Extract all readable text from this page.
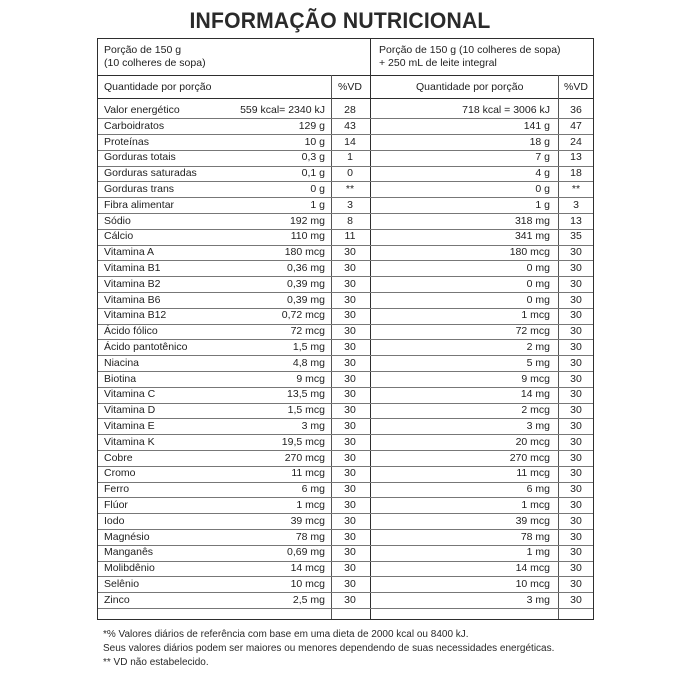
INFORMAÇÃO NUTRICIONAL
Porção de 150 g
(10 colheres de sopa)
Porção de 150 g (10 colheres de sopa)
+ 250 mL de leite integral
Quantidade por porção	%VD	Quantidade por porção	%VD
Valor energético	559 kcal= 2340 kJ	28	718 kcal = 3006 kJ	36
Carboidratos	129 g	43	141 g	47
Proteínas	10 g	14	18 g	24
Gorduras totais	0,3 g	1	7 g	13
Gorduras saturadas	0,1 g	0	4 g	18
Gorduras trans	0 g	**	0 g	**
Fibra alimentar	1 g	3	1 g	3
Sódio	192 mg	8	318 mg	13
Cálcio	110 mg	11	341 mg	35
Vitamina A	180 mcg	30	180 mcg	30
Vitamina B1	0,36 mg	30	0 mg	30
Vitamina B2	0,39 mg	30	0 mg	30
Vitamina B6	0,39 mg	30	0 mg	30
Vitamina B12	0,72 mcg	30	1 mcg	30
Ácido fólico	72 mcg	30	72 mcg	30
Ácido pantotênico	1,5 mg	30	2 mg	30
Niacina	4,8 mg	30	5 mg	30
Biotina	9 mcg	30	9 mcg	30
Vitamina C	13,5 mg	30	14 mg	30
Vitamina D	1,5 mcg	30	2 mcg	30
Vitamina E	3 mg	30	3 mg	30
Vitamina K	19,5 mcg	30	20 mcg	30
Cobre	270 mcg	30	270 mcg	30
Cromo	11 mcg	30	11 mcg	30
Ferro	6 mg	30	6 mg	30
Flúor	1 mcg	30	1 mcg	30
Iodo	39 mcg	30	39 mcg	30
Magnésio	78 mg	30	78 mg	30
Manganês	0,69 mg	30	1 mg	30
Molibdênio	14 mcg	30	14 mcg	30
Selênio	10 mcg	30	10 mcg	30
Zinco	2,5 mg	30	3 mg	30
*% Valores diários de referência com base em uma dieta de 2000 kcal ou 8400 kJ.
Seus valores diários podem ser maiores ou menores dependendo de suas necessidades energéticas.
** VD não estabelecido.
